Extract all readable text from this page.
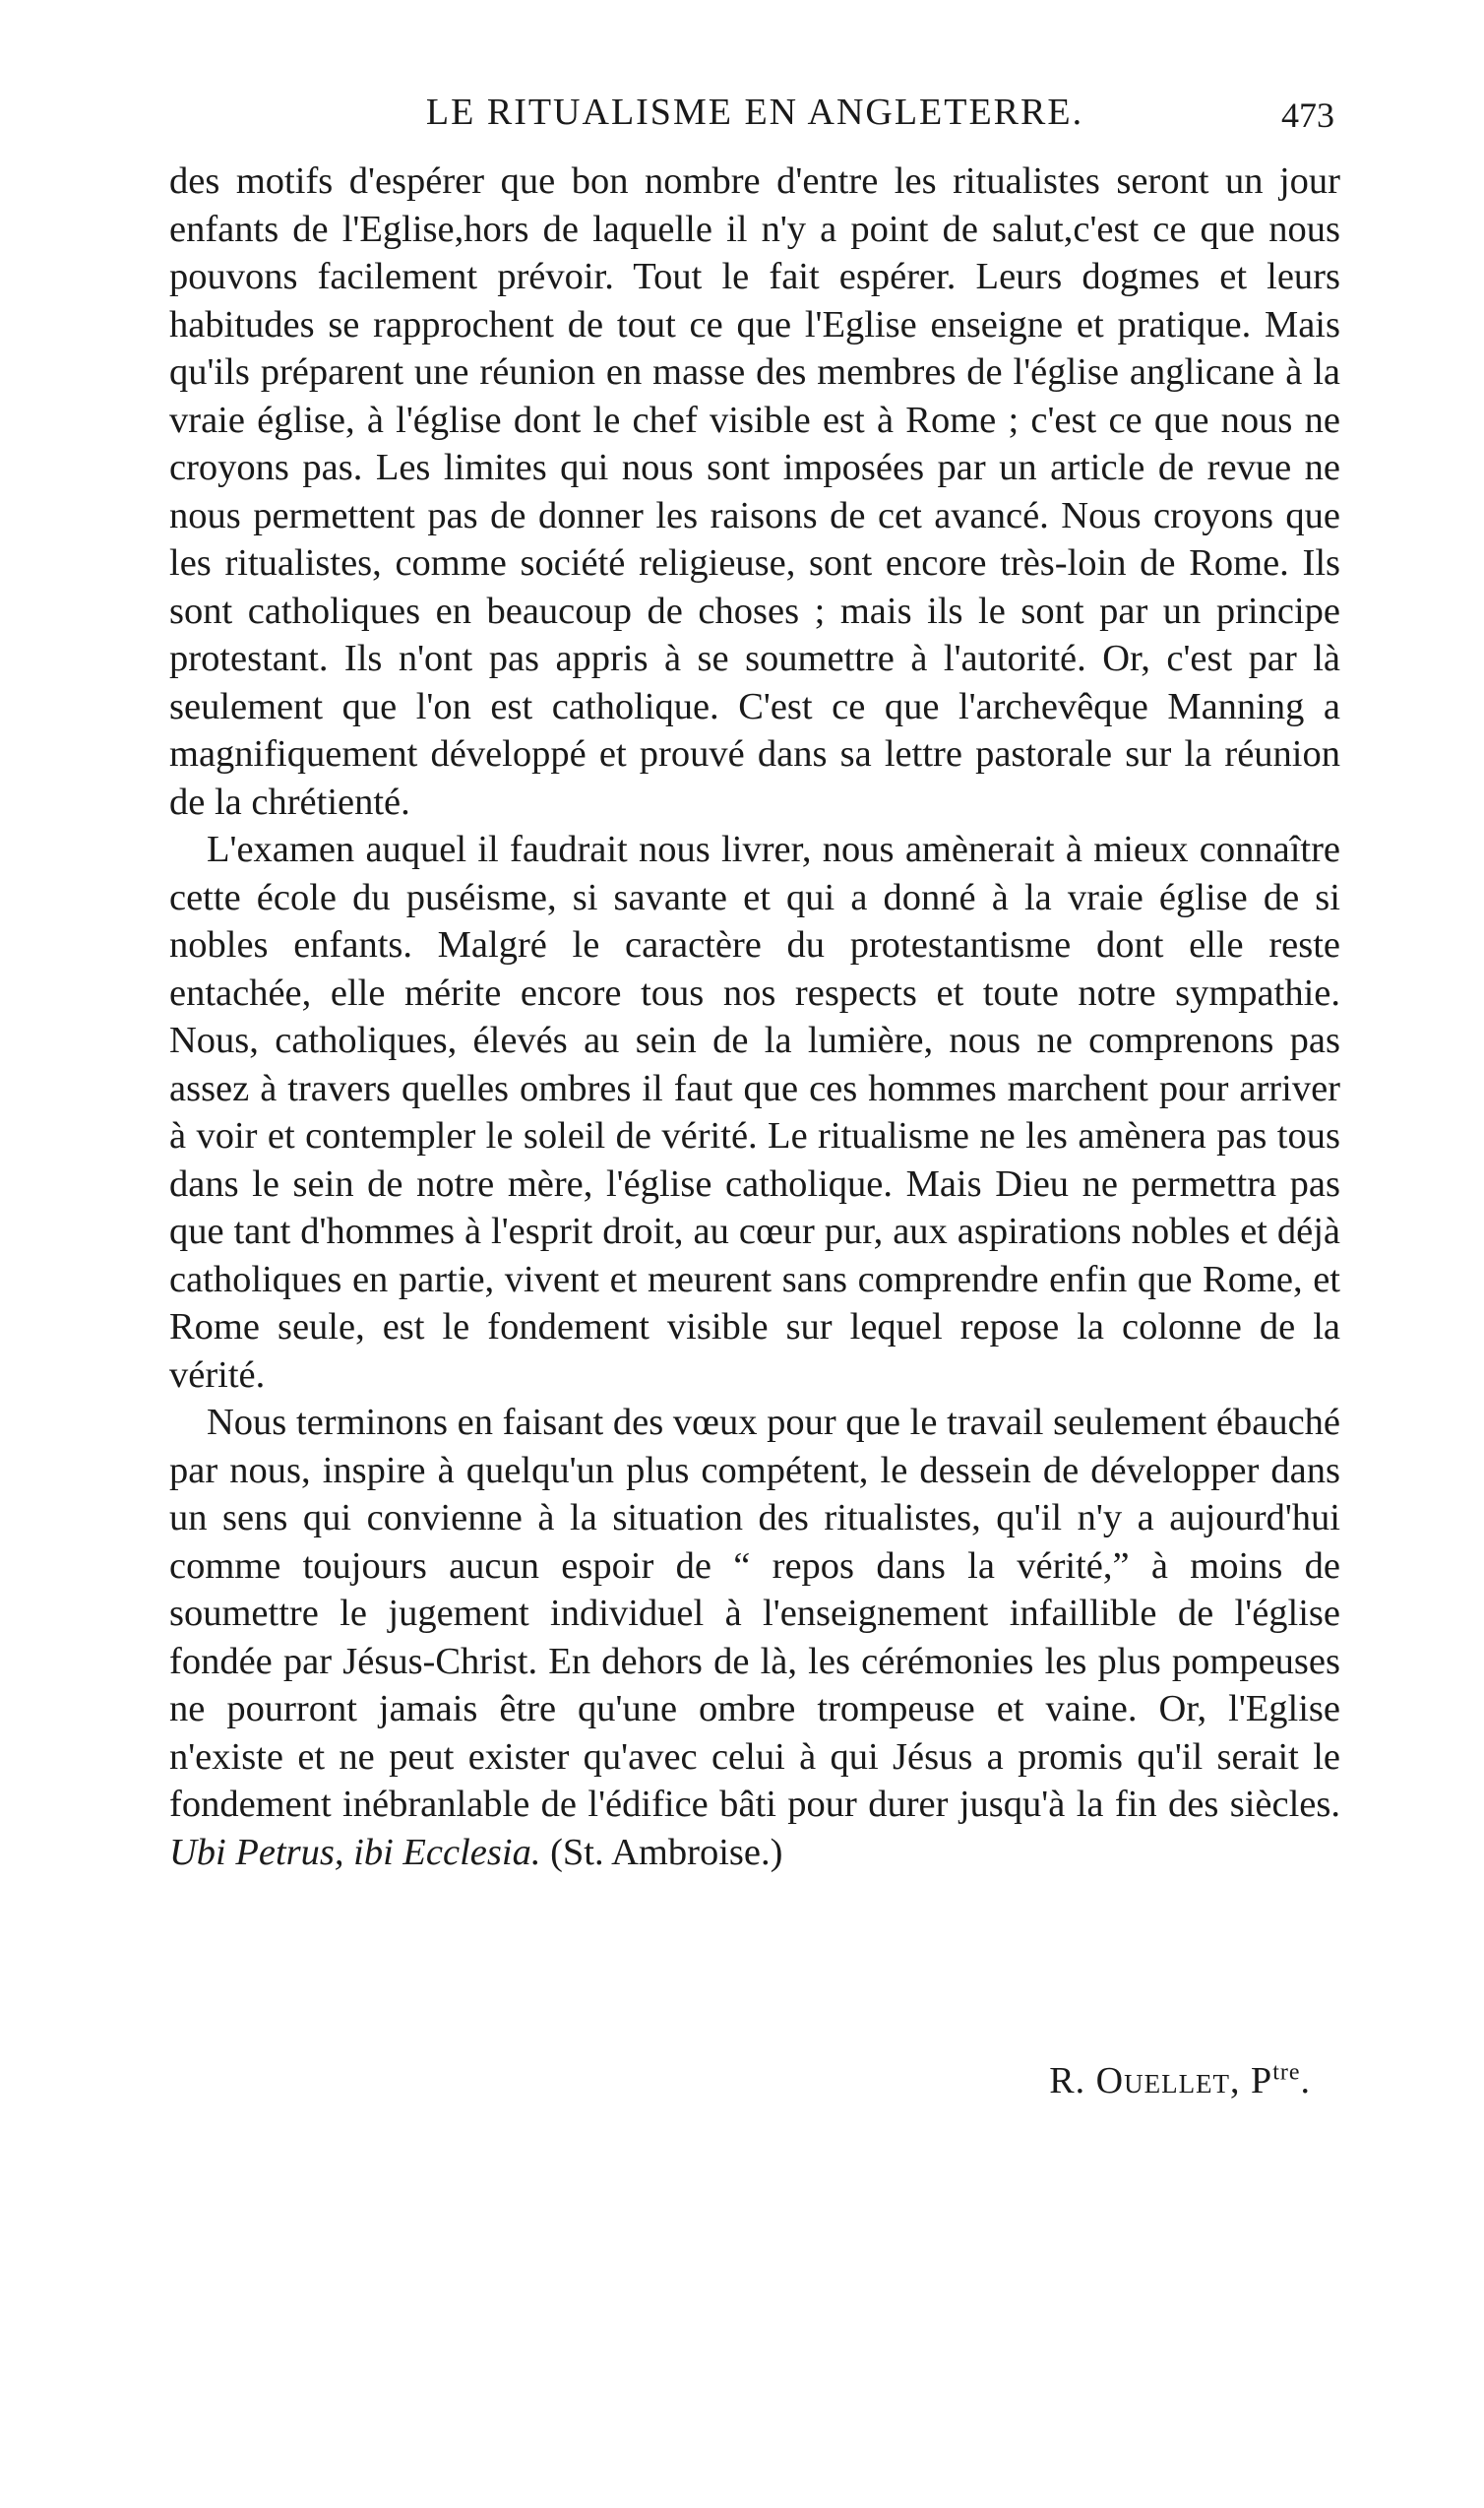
LE RITUALISME EN ANGLETERRE.	473

des motifs d'espérer que bon nombre d'entre les ritualistes seront un jour enfants de l'Eglise,hors de laquelle il n'y a point de salut,c'est ce que nous pouvons facilement prévoir. Tout le fait espérer. Leurs dogmes et leurs habitudes se rapprochent de tout ce que l'Eglise enseigne et pratique. Mais qu'ils préparent une réunion en masse des membres de l'église anglicane à la vraie église, à l'église dont le chef visible est à Rome ; c'est ce que nous ne croyons pas. Les limites qui nous sont imposées par un article de revue ne nous permettent pas de donner les raisons de cet avancé. Nous croyons que les ritualistes, comme société religieuse, sont encore très-loin de Rome. Ils sont catholiques en beaucoup de choses ; mais ils le sont par un principe protestant. Ils n'ont pas appris à se soumettre à l'autorité. Or, c'est par là seulement que l'on est catholique. C'est ce que l'archevêque Manning a magnifiquement développé et prouvé dans sa lettre pastorale sur la réunion de la chrétienté.

L'examen auquel il faudrait nous livrer, nous amènerait à mieux connaître cette école du puséisme, si savante et qui a donné à la vraie église de si nobles enfants. Malgré le caractère du protestantisme dont elle reste entachée, elle mérite encore tous nos respects et toute notre sympathie. Nous, catholiques, élevés au sein de la lumière, nous ne comprenons pas assez à travers quelles ombres il faut que ces hommes marchent pour arriver à voir et contempler le soleil de vérité. Le ritualisme ne les amènera pas tous dans le sein de notre mère, l'église catholique. Mais Dieu ne permettra pas que tant d'hommes à l'esprit droit, au cœur pur, aux aspirations nobles et déjà catholiques en partie, vivent et meurent sans comprendre enfin que Rome, et Rome seule, est le fondement visible sur lequel repose la colonne de la vérité.

Nous terminons en faisant des vœux pour que le travail seulement ébauché par nous, inspire à quelqu'un plus compétent, le dessein de développer dans un sens qui convienne à la situation des ritualistes, qu'il n'y a aujourd'hui comme toujours aucun espoir de “ repos dans la vérité,” à moins de soumettre le jugement individuel à l'enseignement infaillible de l'église fondée par Jésus-Christ. En dehors de là, les cérémonies les plus pompeuses ne pourront jamais être qu'une ombre trompeuse et vaine. Or, l'Eglise n'existe et ne peut exister qu'avec celui à qui Jésus a promis qu'il serait le fondement inébranlable de l'édifice bâti pour durer jusqu'à la fin des siècles. Ubi Petrus, ibi Ecclesia. (St. Ambroise.)

R. Ouellet, $P^{tre}$.
